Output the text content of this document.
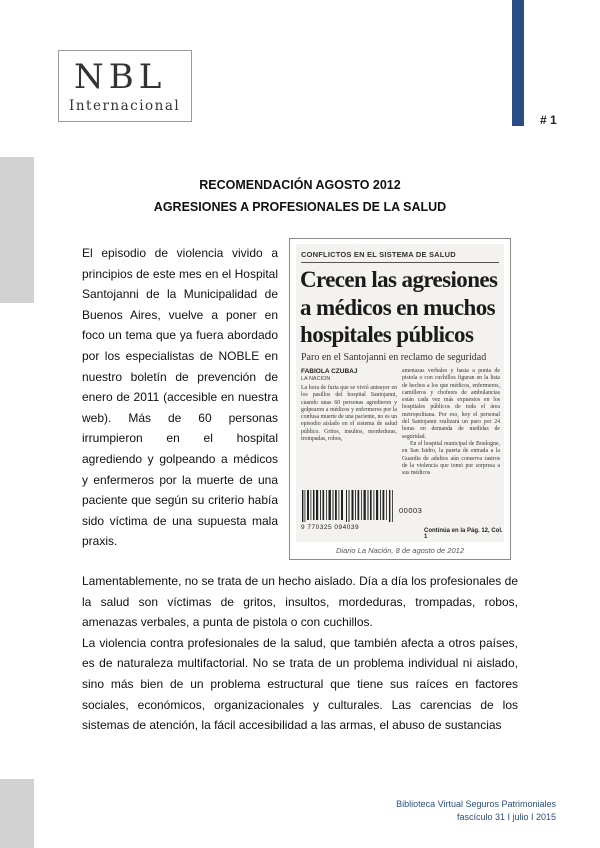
NBL
Internacional
# 1
RECOMENDACIÓN AGOSTO 2012
AGRESIONES A PROFESIONALES DE LA SALUD
El episodio de violencia vivido a principios de este mes en el Hospital Santojanni de la Municipalidad de Buenos Aires, vuelve a poner en foco un tema que ya fuera abordado por los especialistas de NOBLE en nuestro boletín de prevención de enero de 2011 (accesible en nuestra web). Más de 60 personas irrumpieron en el hospital agrediendo y golpeando a médicos y enfermeros por la muerte de una paciente que según su criterio había sido víctima de una supuesta mala praxis.
CONFLICTOS EN EL SISTEMA DE SALUD
Crecen las agresiones a médicos en muchos hospitales públicos
Paro en el Santojanni en reclamo de seguridad
FABIOLA CZUBAJ
LA NACION
La hora de furia que se vivió anteayer en los pasillos del hospital Santojanni, cuando unas 60 personas agredieron y golpearon a médicos y enfermeros por la confusa muerte de una paciente, no es un episodio aislado en el sistema de salud público. Gritos, insultos, mordeduras, trompadas, robos,
amenazas verbales y hasta a punta de pistola o con cuchillos figuran en la lista de hechos a los que médicos, enfermeros, camilleros y choferes de ambulancias están cada vez más expuestos en los hospitales públicos de toda el área metropolitana. Por eso, hoy el personal del Santojanni realizará un paro por 24 horas en demanda de medidas de seguridad.
En el hospital municipal de Boulogne, en San Isidro, la puerta de entrada a la Guardia de adultos aún conserva rastros de la violencia que tomó por sorpresa a sus médicos
9 770325 094039
00003
Continúa en la Pág. 12, Col. 1
Diario La Nación, 8 de agosto de 2012

Lamentablemente, no se trata de un hecho aislado. Día a día los profesionales de la salud son víctimas de gritos, insultos, mordeduras, trompadas, robos, amenazas verbales, a punta de pistola o con cuchillos.

La violencia contra profesionales de la salud, que también afecta a otros países, es de naturaleza multifactorial. No se trata de un problema individual ni aislado, sino más bien de un problema estructural que tiene sus raíces en factores sociales, económicos, organizacionales y culturales. Las carencias de los sistemas de atención, la fácil accesibilidad a las armas, el abuso de sustancias

Biblioteca Virtual Seguros Patrimoniales
fascículo 31 I julio I 2015
